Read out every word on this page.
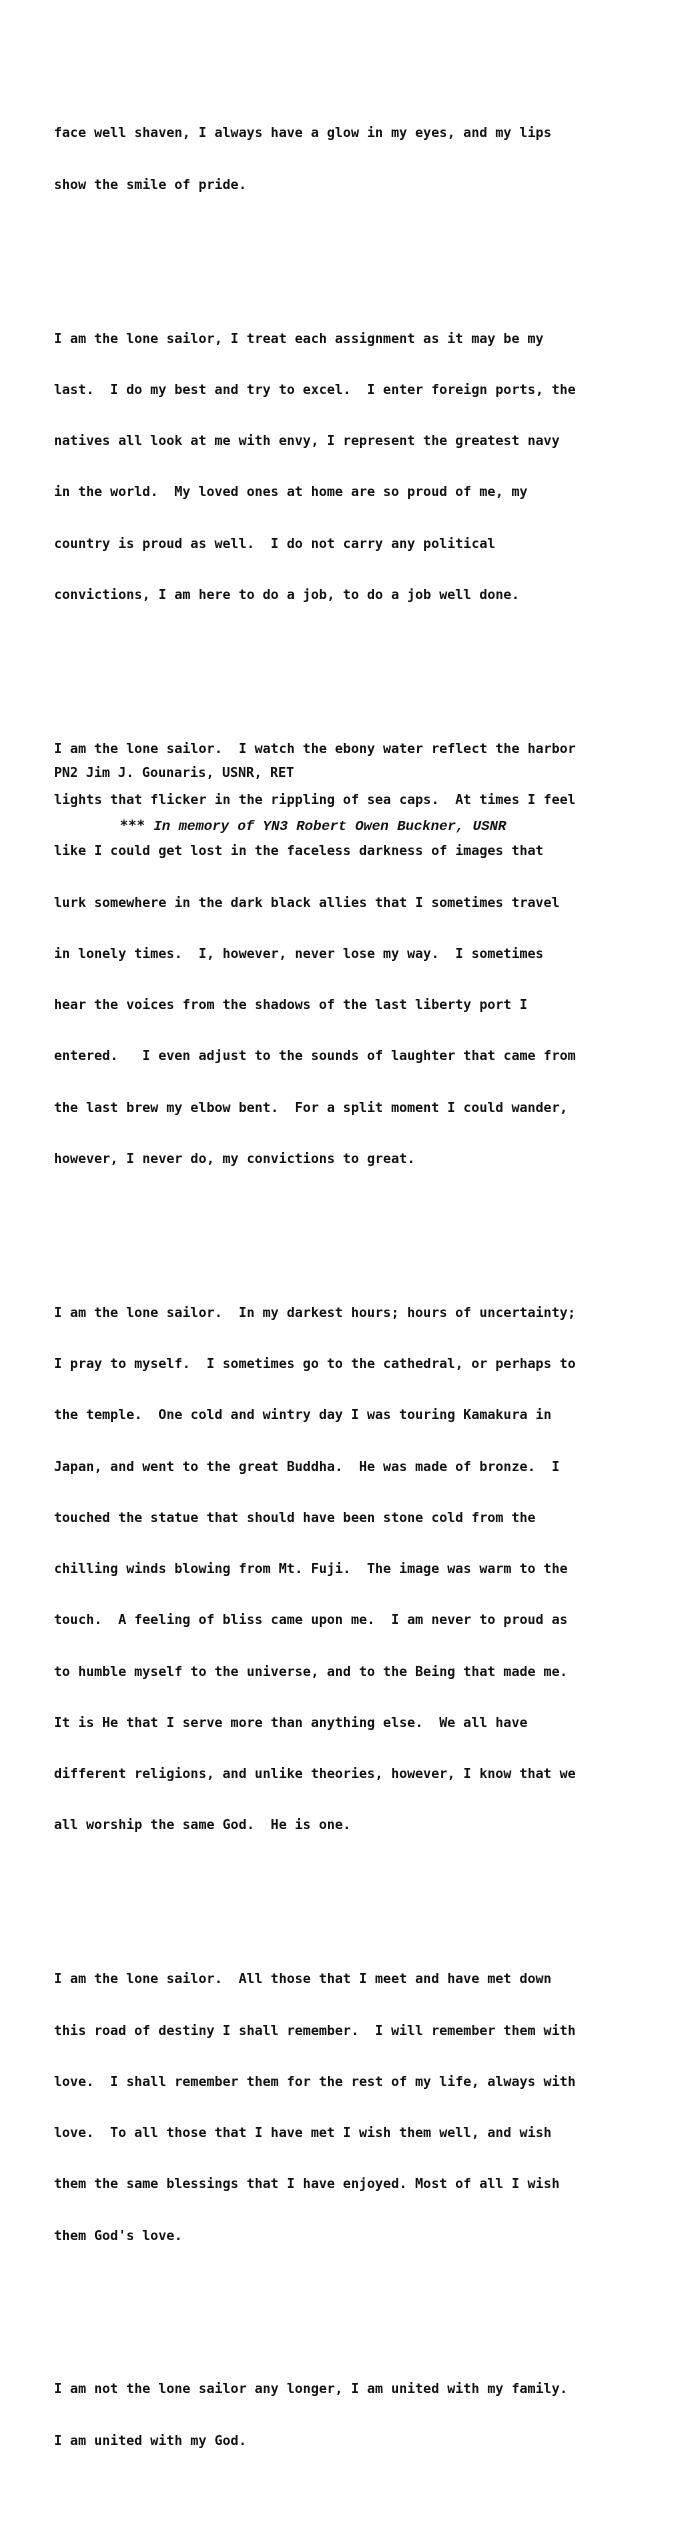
face well shaven, I always have a glow in my eyes, and my lips

show the smile of pride.

I am the lone sailor, I treat each assignment as it may be my

last.  I do my best and try to excel.  I enter foreign ports, the

natives all look at me with envy, I represent the greatest navy

in the world.  My loved ones at home are so proud of me, my

country is proud as well.  I do not carry any political

convictions, I am here to do a job, to do a job well done.

I am the lone sailor.  I watch the ebony water reflect the harbor

lights that flicker in the rippling of sea caps.  At times I feel

like I could get lost in the faceless darkness of images that

lurk somewhere in the dark black allies that I sometimes travel

in lonely times.  I, however, never lose my way.  I sometimes

hear the voices from the shadows of the last liberty port I

entered.   I even adjust to the sounds of laughter that came from

the last brew my elbow bent.  For a split moment I could wander,

however, I never do, my convictions to great.

I am the lone sailor.  In my darkest hours; hours of uncertainty;

I pray to myself.  I sometimes go to the cathedral, or perhaps to

the temple.  One cold and wintry day I was touring Kamakura in

Japan, and went to the great Buddha.  He was made of bronze.  I

touched the statue that should have been stone cold from the

chilling winds blowing from Mt. Fuji.  The image was warm to the

touch.  A feeling of bliss came upon me.  I am never to proud as

to humble myself to the universe, and to the Being that made me.

It is He that I serve more than anything else.  We all have

different religions, and unlike theories, however, I know that we

all worship the same God.  He is one.

I am the lone sailor.  All those that I meet and have met down

this road of destiny I shall remember.  I will remember them with

love.  I shall remember them for the rest of my life, always with

love.  To all those that I have met I wish them well, and wish

them the same blessings that I have enjoyed. Most of all I wish

them God's love.

I am not the lone sailor any longer, I am united with my family.

I am united with my God.

PN2 Jim J. Gounaris, USNR, RET

*** In memory of YN3 Robert Owen Buckner, USNR
